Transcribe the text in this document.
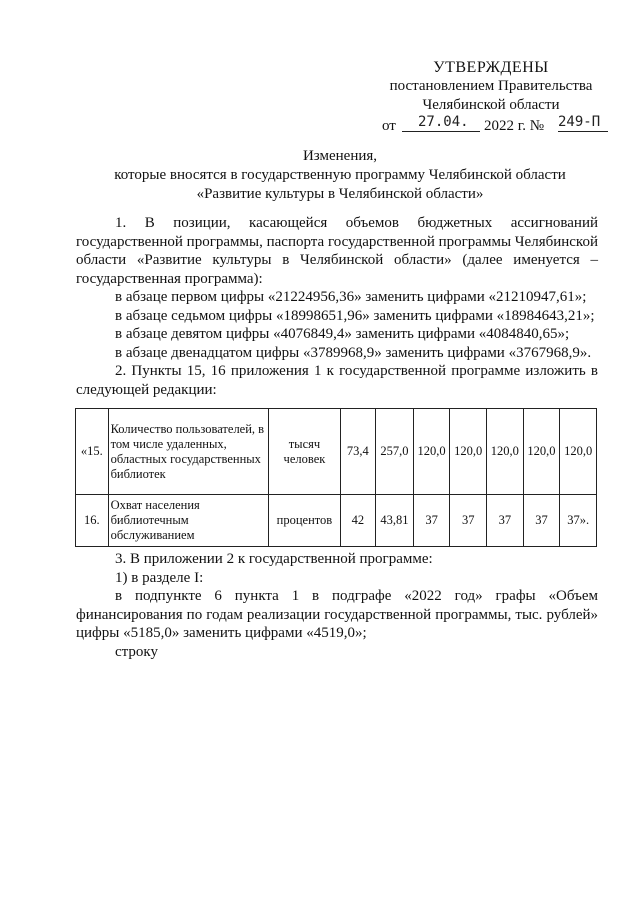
УТВЕРЖДЕНЫ
постановлением Правительства
Челябинской области
от 27.04. 2022 г. № 249-П
Изменения,
которые вносятся в государственную программу Челябинской области
«Развитие культуры в Челябинской области»
1. В позиции, касающейся объемов бюджетных ассигнований государственной программы, паспорта государственной программы Челябинской области «Развитие культуры в Челябинской области» (далее именуется – государственная программа):
в абзаце первом цифры «21224956,36» заменить цифрами «21210947,61»;
в абзаце седьмом цифры «18998651,96» заменить цифрами «18984643,21»;
в абзаце девятом цифры «4076849,4» заменить цифрами «4084840,65»;
в абзаце двенадцатом цифры «3789968,9» заменить цифрами «3767968,9».
2. Пункты 15, 16 приложения 1 к государственной программе изложить в следующей редакции:
«15.	Количество пользователей, в том числе удаленных, областных государственных библиотек	тысяч человек	73,4	257,0	120,0	120,0	120,0	120,0	120,0
16.	Охват населения библиотечным обслуживанием	процентов	42	43,81	37	37	37	37	37».
3. В приложении 2 к государственной программе:
1) в разделе I:
в подпункте 6 пункта 1 в подграфе «2022 год» графы «Объем финансирования по годам реализации государственной программы, тыс. рублей» цифры «5185,0» заменить цифрами «4519,0»;
строку
